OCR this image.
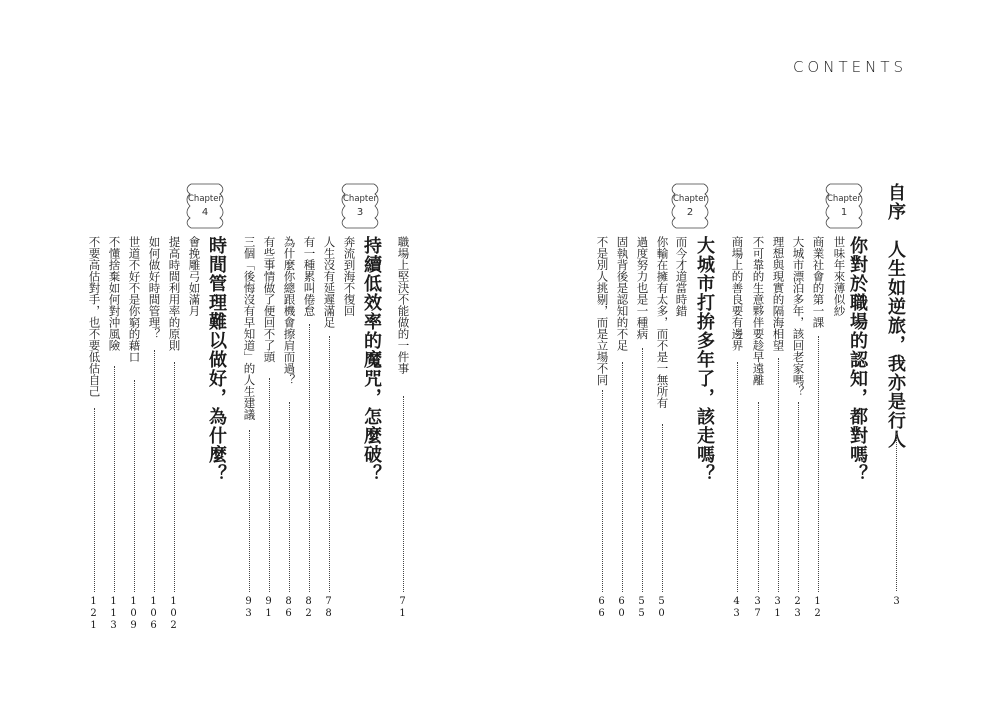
CONTENTS
自序　人生如逆旅，我亦是行人
3
Chapter
1
你對於職場的認知，都對嗎？
世味年來薄似紗
商業社會的第一課
12
大城市漂泊多年，該回老家嗎？
23
理想與現實的隔海相望
31
不可靠的生意夥伴要趁早遠離
37
商場上的善良要有邊界
43
Chapter
2
大城市打拚多年了，該走嗎？
而今才道當時錯
你輸在擁有太多，而不是一無所有
50
過度努力也是一種病
55
固執背後是認知的不足
60
不是別人挑剔，而是立場不同
66
職場上堅決不能做的一件事
71
Chapter
3
持續低效率的魔咒，怎麼破？
奔流到海不復回
人生沒有延遲滿足
78
有一種累叫倦怠
82
為什麼你總跟機會擦肩而過？
86
有些事情做了便回不了頭
91
三個「後悔沒有早知道」的人生建議
93
Chapter
4
時間管理難以做好，為什麼？
會挽雕弓如滿月
提高時間利用率的原則
102
如何做好時間管理？
106
世道不好不是你窮的藉口
109
不懂捨棄如何對沖風險
113
不要高估對手，也不要低估自己
121
